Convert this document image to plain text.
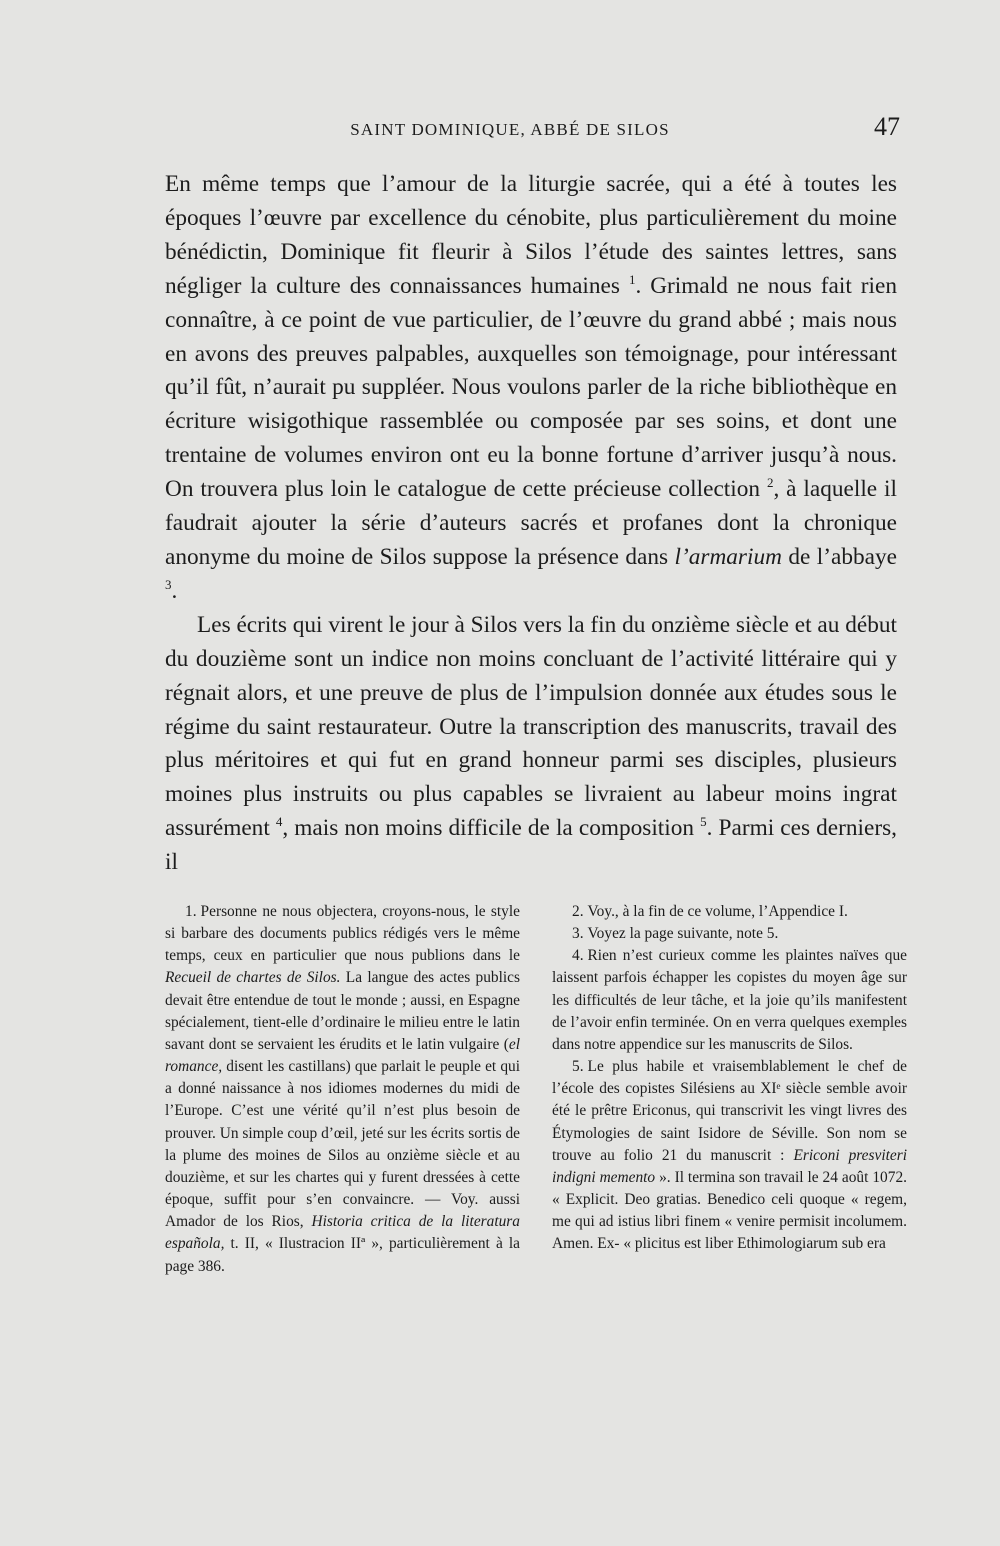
SAINT DOMINIQUE, ABBÉ DE SILOS	47

En même temps que l’amour de la liturgie sacrée, qui a été à toutes les époques l’œuvre par excellence du cénobite, plus particulièrement du moine bénédictin, Dominique fit fleurir à Silos l’étude des saintes lettres, sans négliger la culture des connaissances humaines $^1$. Grimald ne nous fait rien connaître, à ce point de vue particulier, de l’œuvre du grand abbé ; mais nous en avons des preuves palpables, auxquelles son témoignage, pour intéressant qu’il fût, n’aurait pu suppléer. Nous voulons parler de la riche bibliothèque en écriture wisigothique rassemblée ou composée par ses soins, et dont une trentaine de volumes environ ont eu la bonne fortune d’arriver jusqu’à nous. On trouvera plus loin le catalogue de cette précieuse collection $^2$, à laquelle il faudrait ajouter la série d’auteurs sacrés et profanes dont la chronique anonyme du moine de Silos suppose la présence dans l’armarium de l’abbaye $^3$.

Les écrits qui virent le jour à Silos vers la fin du onzième siècle et au début du douzième sont un indice non moins concluant de l’activité littéraire qui y régnait alors, et une preuve de plus de l’impulsion donnée aux études sous le régime du saint restaurateur. Outre la transcription des manuscrits, travail des plus méritoires et qui fut en grand honneur parmi ses disciples, plusieurs moines plus instruits ou plus capables se livraient au labeur moins ingrat assurément $^4$, mais non moins difficile de la composition $^5$. Parmi ces derniers, il

1. Personne ne nous objectera, croyons-nous, le style si barbare des documents publics rédigés vers le même temps, ceux en particulier que nous publions dans le Recueil de chartes de Silos. La langue des actes publics devait être entendue de tout le monde ; aussi, en Espagne spécialement, tient-elle d’ordinaire le milieu entre le latin savant dont se servaient les érudits et le latin vulgaire (el romance, disent les castillans) que parlait le peuple et qui a donné naissance à nos idiomes modernes du midi de l’Europe. C’est une vérité qu’il n’est plus besoin de prouver. Un simple coup d’œil, jeté sur les écrits sortis de la plume des moines de Silos au onzième siècle et au douzième, et sur les chartes qui y furent dressées à cette époque, suffit pour s’en convaincre. — Voy. aussi Amador de los Rios, Historia critica de la literatura española, t. II, « Ilustracion IIª », particulièrement à la page 386.

2. Voy., à la fin de ce volume, l’Appendice I.

3. Voyez la page suivante, note 5.

4. Rien n’est curieux comme les plaintes naïves que laissent parfois échapper les copistes du moyen âge sur les difficultés de leur tâche, et la joie qu’ils manifestent de l’avoir enfin terminée. On en verra quelques exemples dans notre appendice sur les manuscrits de Silos.

5. Le plus habile et vraisemblablement le chef de l’école des copistes Silésiens au XIᵉ siècle semble avoir été le prêtre Ericonus, qui transcrivit les vingt livres des Étymologies de saint Isidore de Séville. Son nom se trouve au folio 21 du manuscrit : Ericoni presviteri indigni memento ». Il termina son travail le 24 août 1072. « Explicit. Deo gratias. Benedico celi quoque « regem, me qui ad istius libri finem « venire permisit incolumem. Amen. Ex- « plicitus est liber Ethimologiarum sub era
